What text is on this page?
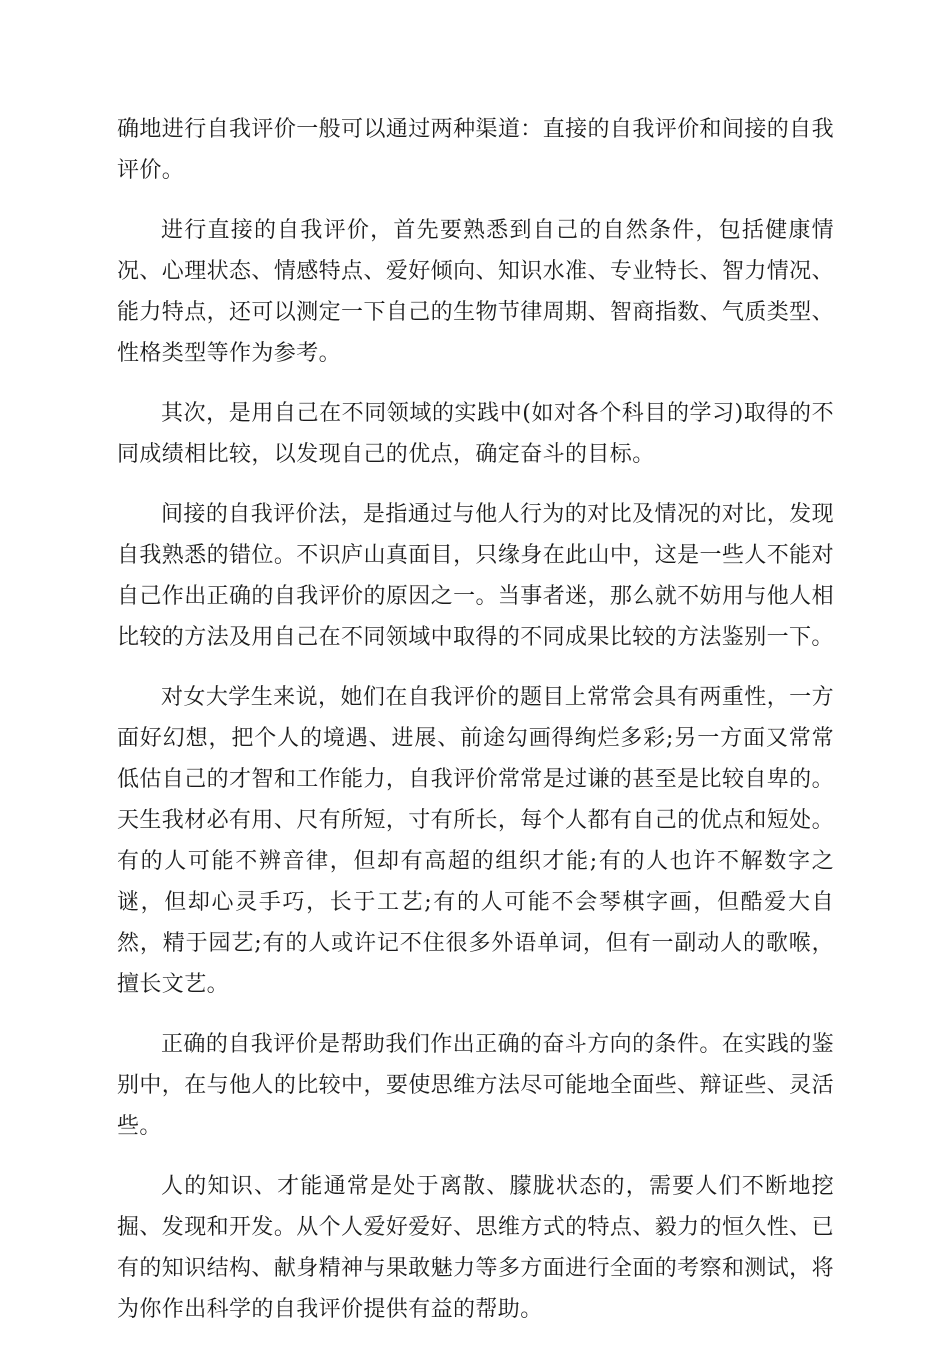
确地进行自我评价一般可以通过两种渠道：直接的自我评价和间接的自我评价。

进行直接的自我评价，首先要熟悉到自己的自然条件，包括健康情况、心理状态、情感特点、爱好倾向、知识水准、专业特长、智力情况、能力特点，还可以测定一下自己的生物节律周期、智商指数、气质类型、性格类型等作为参考。

其次，是用自己在不同领域的实践中(如对各个科目的学习)取得的不同成绩相比较，以发现自己的优点，确定奋斗的目标。

间接的自我评价法，是指通过与他人行为的对比及情况的对比，发现自我熟悉的错位。不识庐山真面目，只缘身在此山中，这是一些人不能对自己作出正确的自我评价的原因之一。当事者迷，那么就不妨用与他人相比较的方法及用自己在不同领域中取得的不同成果比较的方法鉴别一下。

对女大学生来说，她们在自我评价的题目上常常会具有两重性，一方面好幻想，把个人的境遇、进展、前途勾画得绚烂多彩;另一方面又常常低估自己的才智和工作能力，自我评价常常是过谦的甚至是比较自卑的。天生我材必有用、尺有所短，寸有所长，每个人都有自己的优点和短处。有的人可能不辨音律，但却有高超的组织才能;有的人也许不解数字之谜，但却心灵手巧，长于工艺;有的人可能不会琴棋字画，但酷爱大自然，精于园艺;有的人或许记不住很多外语单词，但有一副动人的歌喉，擅长文艺。

正确的自我评价是帮助我们作出正确的奋斗方向的条件。在实践的鉴别中，在与他人的比较中，要使思维方法尽可能地全面些、辩证些、灵活些。

人的知识、才能通常是处于离散、朦胧状态的，需要人们不断地挖掘、发现和开发。从个人爱好爱好、思维方式的特点、毅力的恒久性、已有的知识结构、献身精神与果敢魅力等多方面进行全面的考察和测试，将为你作出科学的自我评价提供有益的帮助。
